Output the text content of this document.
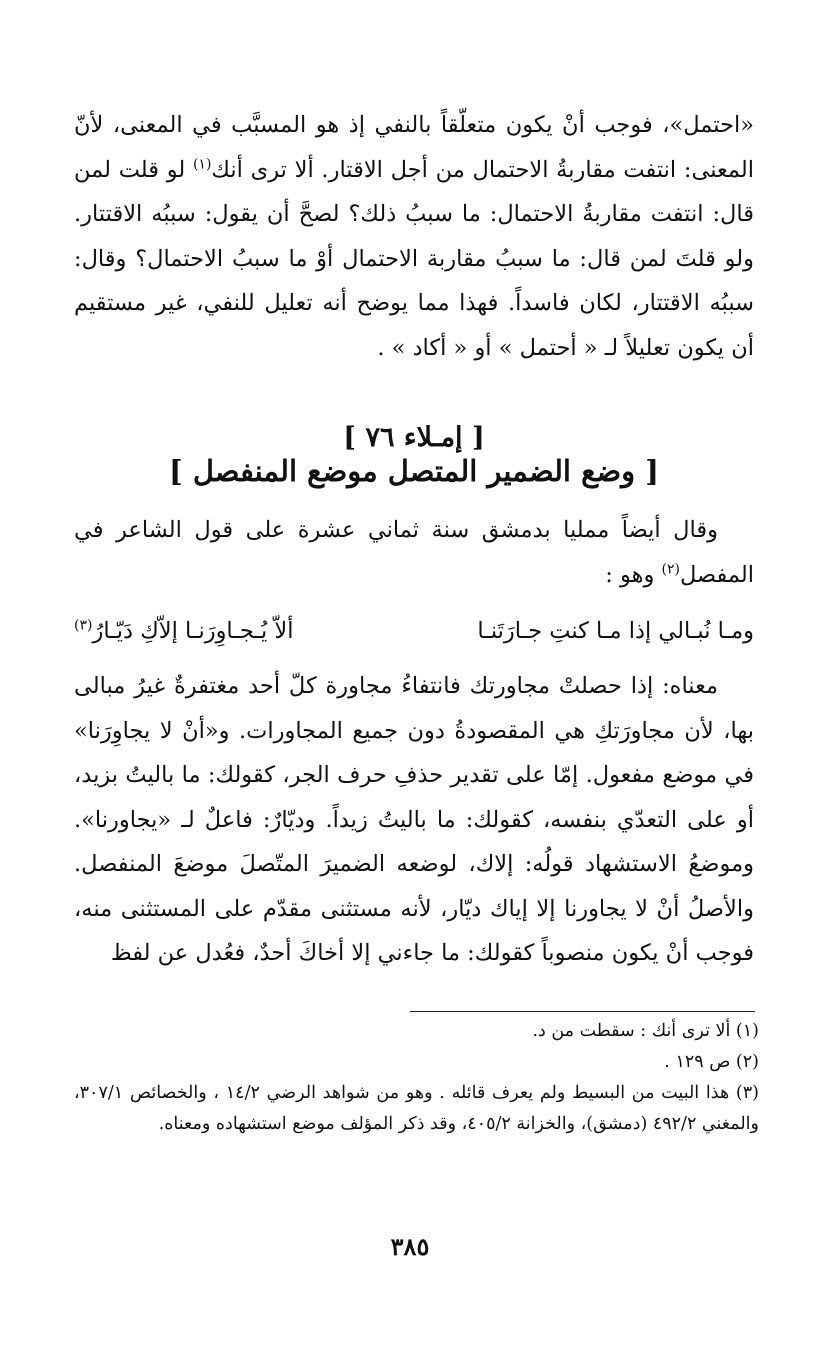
«احتمل»، فوجب أنْ يكون متعلّقاً بالنفي إذ هو المسبَّب في المعنى، لأنّ المعنى: انتفت مقاربةُ الاحتمال من أجل الاقتار. ألا ترى أنك$^{(١)}$ لو قلت لمن قال: انتفت مقاربةُ الاحتمال: ما سببُ ذلك؟ لصحَّ أن يقول: سببُه الاقتتار. ولو قلتَ لمن قال: ما سببُ مقاربة الاحتمال أوْ ما سببُ الاحتمال؟ وقال: سببُه الاقتتار، لكان فاسداً. فهذا مما يوضح أنه تعليل للنفي، غير مستقيم أن يكون تعليلاً لـ « أحتمل » أو « أكاد » .

[ إمـلاء ٧٦ ]
[ وضع الضمير المتصل موضع المنفصل ]

وقال أيضاً ممليا بدمشق سنة ثماني عشرة على قول الشاعر في المفصل$^{(٢)}$ وهو :

ومـا نُبـالي إذا مـا كنتِ جـارَتَنـا
ألاّ يُـجـاوِرَنـا إلاّكِ دَيّـارُ$^{(٣)}$

معناه: إذا حصلتْ مجاورتك فانتفاءُ مجاورة كلّ أحد مغتفرةٌ غيرُ مبالى بها، لأن مجاورَتكِ هي المقصودةُ دون جميع المجاورات. و«أنْ لا يجاوِرَنا» في موضع مفعول. إمّا على تقدير حذفِ حرف الجر، كقولك: ما باليتُ بزيد، أو على التعدّي بنفسه، كقولك: ما باليتُ زيداً. وديّارٌ: فاعلٌ لـ «يجاورنا». وموضعُ الاستشهاد قولُه: إلاك، لوضعه الضميرَ المتّصلَ موضعَ المنفصل. والأصلُ أنْ لا يجاورنا إلا إياك ديّار، لأنه مستثنى مقدّم على المستثنى منه، فوجب أنْ يكون منصوباً كقولك: ما جاءني إلا أخاكَ أحدٌ، فعُدل عن لفظ

(١) ألا ترى أنك : سقطت من د.

(٢) ص ١٢٩ .

(٣) هذا البيت من البسيط ولم يعرف قائله . وهو من شواهد الرضي ١٤/٢ ، والخصائص ٣٠٧/١، والمغني ٤٩٢/٢ (دمشق)، والخزانة ٤٠٥/٢، وقد ذكر المؤلف موضع استشهاده ومعناه.

٣٨٥
